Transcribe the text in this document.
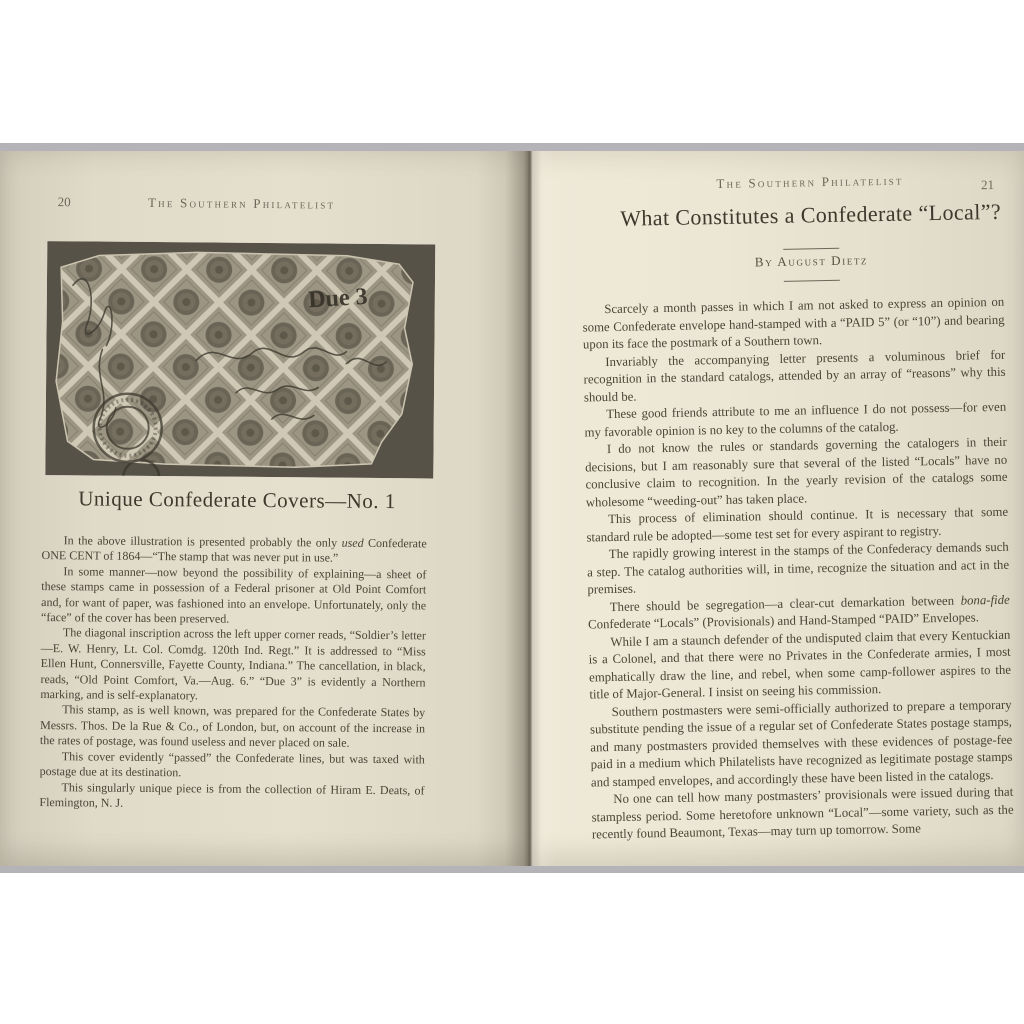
20	The Southern Philatelist
Due 3
Unique Confederate Covers—No. 1

In the above illustration is presented probably the only used Confederate ONE CENT of 1864—“The stamp that was never put in use.”

In some manner—now beyond the possibility of explaining—a sheet of these stamps came in possession of a Federal prisoner at Old Point Comfort and, for want of paper, was fashioned into an envelope. Unfortunately, only the “face” of the cover has been preserved.

The diagonal inscription across the left upper corner reads, “Soldier’s letter—E. W. Henry, Lt. Col. Comdg. 120th Ind. Regt.” It is addressed to “Miss Ellen Hunt, Connersville, Fayette County, Indiana.” The cancellation, in black, reads, “Old Point Comfort, Va.—Aug. 6.” “Due 3” is evidently a Northern marking, and is self-explanatory.

This stamp, as is well known, was prepared for the Confederate States by Messrs. Thos. De la Rue & Co., of London, but, on account of the increase in the rates of postage, was found useless and never placed on sale.

This cover evidently “passed” the Confederate lines, but was taxed with postage due at its destination.

This singularly unique piece is from the collection of Hiram E. Deats, of Flemington, N. J.

The Southern Philatelist	21
What Constitutes a Confederate “Local”?
By August Dietz

Scarcely a month passes in which I am not asked to express an opinion on some Confederate envelope hand-stamped with a “PAID 5” (or “10”) and bearing upon its face the postmark of a Southern town.

Invariably the accompanying letter presents a voluminous brief for recognition in the standard catalogs, attended by an array of “reasons” why this should be.

These good friends attribute to me an influence I do not possess—for even my favorable opinion is no key to the columns of the catalog.

I do not know the rules or standards governing the catalogers in their decisions, but I am reasonably sure that several of the listed “Locals” have no conclusive claim to recognition. In the yearly revision of the catalogs some wholesome “weeding-out” has taken place.

This process of elimination should continue. It is necessary that some standard rule be adopted—some test set for every aspirant to registry.

The rapidly growing interest in the stamps of the Confederacy demands such a step. The catalog authorities will, in time, recognize the situation and act in the premises.

There should be segregation—a clear-cut demarkation between bona-fide Confederate “Locals” (Provisionals) and Hand-Stamped “PAID” Envelopes.

While I am a staunch defender of the undisputed claim that every Kentuckian is a Colonel, and that there were no Privates in the Confederate armies, I most emphatically draw the line, and rebel, when some camp-follower aspires to the title of Major-General. I insist on seeing his commission.

Southern postmasters were semi-officially authorized to prepare a temporary substitute pending the issue of a regular set of Confederate States postage stamps, and many postmasters provided themselves with these evidences of postage-fee paid in a medium which Philatelists have recognized as legitimate postage stamps and stamped envelopes, and accordingly these have been listed in the catalogs.

No one can tell how many postmasters’ provisionals were issued during that stampless period. Some heretofore unknown “Local”—some variety, such as the recently found Beaumont, Texas—may turn up tomorrow. Some
